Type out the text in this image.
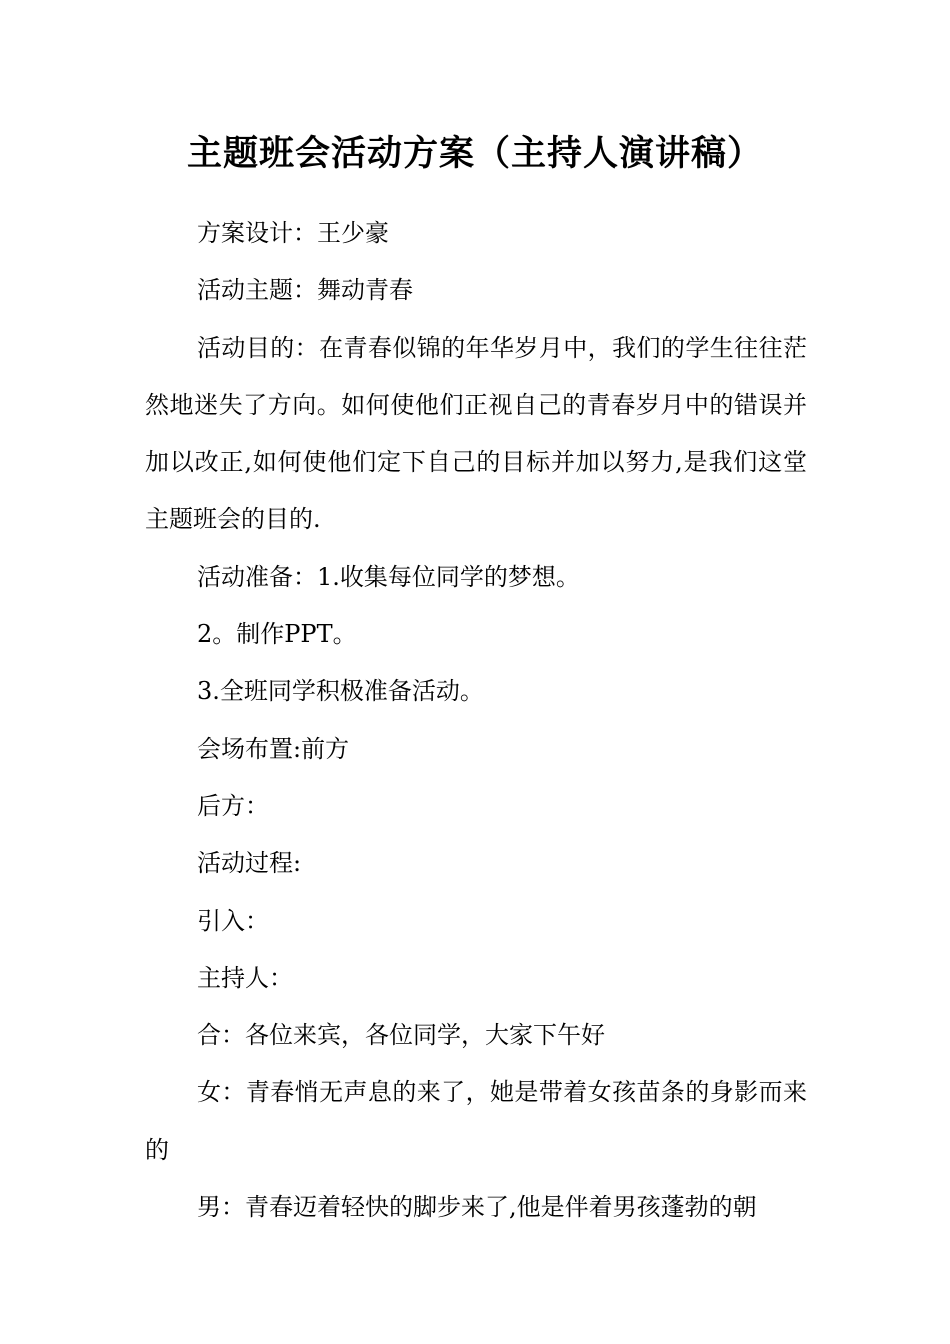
主题班会活动方案（主持人演讲稿）

方案设计：王少豪

活动主题：舞动青春

活动目的：在青春似锦的年华岁月中，我们的学生往往茫然地迷失了方向。如何使他们正视自己的青春岁月中的错误并加以改正,如何使他们定下自己的目标并加以努力,是我们这堂主题班会的目的.

活动准备：1.收集每位同学的梦想。

2。制作PPT。

3.全班同学积极准备活动。

会场布置:前方

后方：

活动过程:

引入：

主持人：

合：各位来宾，各位同学，大家下午好

女：青春悄无声息的来了，她是带着女孩苗条的身影而来的

男：青春迈着轻快的脚步来了,他是伴着男孩蓬勃的朝
